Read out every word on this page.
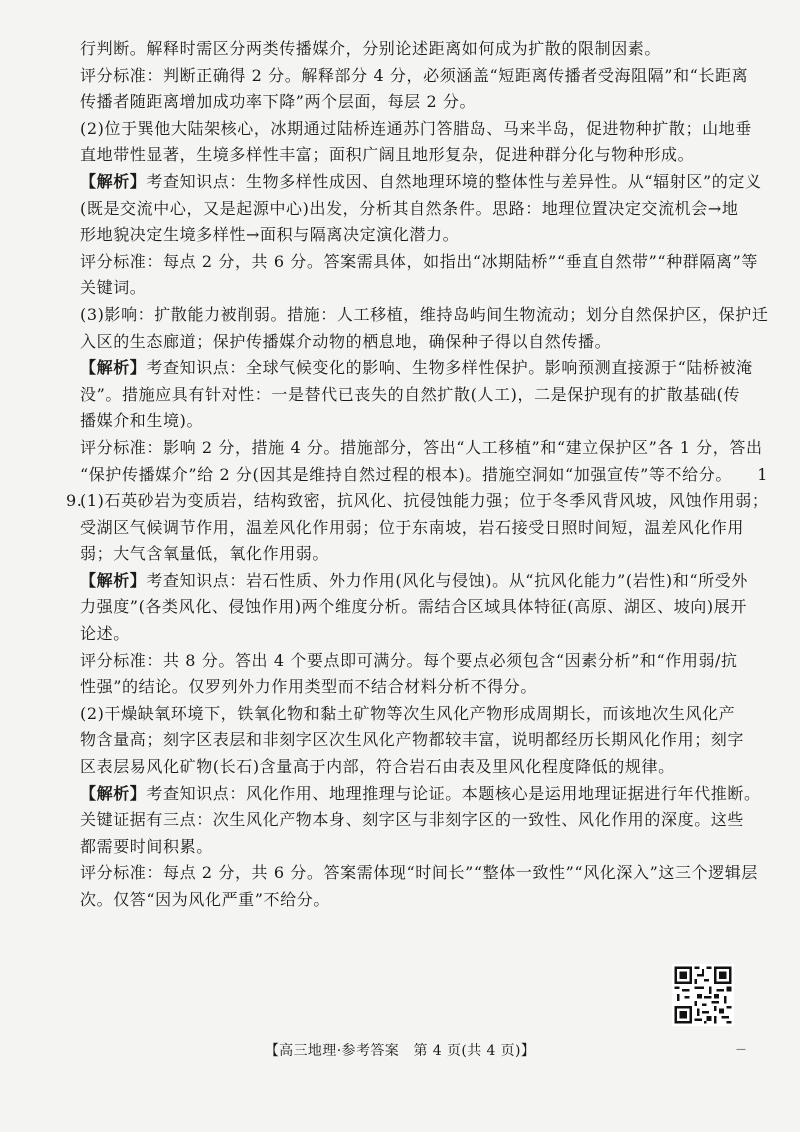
行判断。解释时需区分两类传播媒介，分别论述距离如何成为扩散的限制因素。
评分标准：判断正确得 2 分。解释部分 4 分，必须涵盖“短距离传播者受海阻隔”和“长距离
传播者随距离增加成功率下降”两个层面，每层 2 分。
(2)位于巽他大陆架核心，冰期通过陆桥连通苏门答腊岛、马来半岛，促进物种扩散；山地垂
直地带性显著，生境多样性丰富；面积广阔且地形复杂，促进种群分化与物种形成。
【解析】考查知识点：生物多样性成因、自然地理环境的整体性与差异性。从“辐射区”的定义
(既是交流中心，又是起源中心)出发，分析其自然条件。思路：地理位置决定交流机会→地
形地貌决定生境多样性→面积与隔离决定演化潜力。
评分标准：每点 2 分，共 6 分。答案需具体，如指出“冰期陆桥”“垂直自然带”“种群隔离”等
关键词。
(3)影响：扩散能力被削弱。措施：人工移植，维持岛屿间生物流动；划分自然保护区，保护迁
入区的生态廊道；保护传播媒介动物的栖息地，确保种子得以自然传播。
【解析】考查知识点：全球气候变化的影响、生物多样性保护。影响预测直接源于“陆桥被淹
没”。措施应具有针对性：一是替代已丧失的自然扩散(人工)，二是保护现有的扩散基础(传
播媒介和生境)。
评分标准：影响 2 分，措施 4 分。措施部分，答出“人工移植”和“建立保护区”各 1 分，答出
“保护传播媒介”给 2 分(因其是维持自然过程的根本)。措施空洞如“加强宣传”等不给分。 1
9.
(1)石英砂岩为变质岩，结构致密，抗风化、抗侵蚀能力强；位于冬季风背风坡，风蚀作用弱；
受湖区气候调节作用，温差风化作用弱；位于东南坡，岩石接受日照时间短，温差风化作用
弱；大气含氧量低，氧化作用弱。
【解析】考查知识点：岩石性质、外力作用(风化与侵蚀)。从“抗风化能力”(岩性)和“所受外
力强度”(各类风化、侵蚀作用)两个维度分析。需结合区域具体特征(高原、湖区、坡向)展开
论述。
评分标准：共 8 分。答出 4 个要点即可满分。每个要点必须包含“因素分析”和“作用弱/抗
性强”的结论。仅罗列外力作用类型而不结合材料分析不得分。
(2)干燥缺氧环境下，铁氧化物和黏土矿物等次生风化产物形成周期长，而该地次生风化产
物含量高；刻字区表层和非刻字区次生风化产物都较丰富，说明都经历长期风化作用；刻字
区表层易风化矿物(长石)含量高于内部，符合岩石由表及里风化程度降低的规律。
【解析】考查知识点：风化作用、地理推理与论证。本题核心是运用地理证据进行年代推断。
关键证据有三点：次生风化产物本身、刻字区与非刻字区的一致性、风化作用的深度。这些
都需要时间积累。
评分标准：每点 2 分，共 6 分。答案需体现“时间长”“整体一致性”“风化深入”这三个逻辑层
次。仅答“因为风化严重”不给分。
【高三地理·参考答案　第 4 页(共 4 页)】	—
